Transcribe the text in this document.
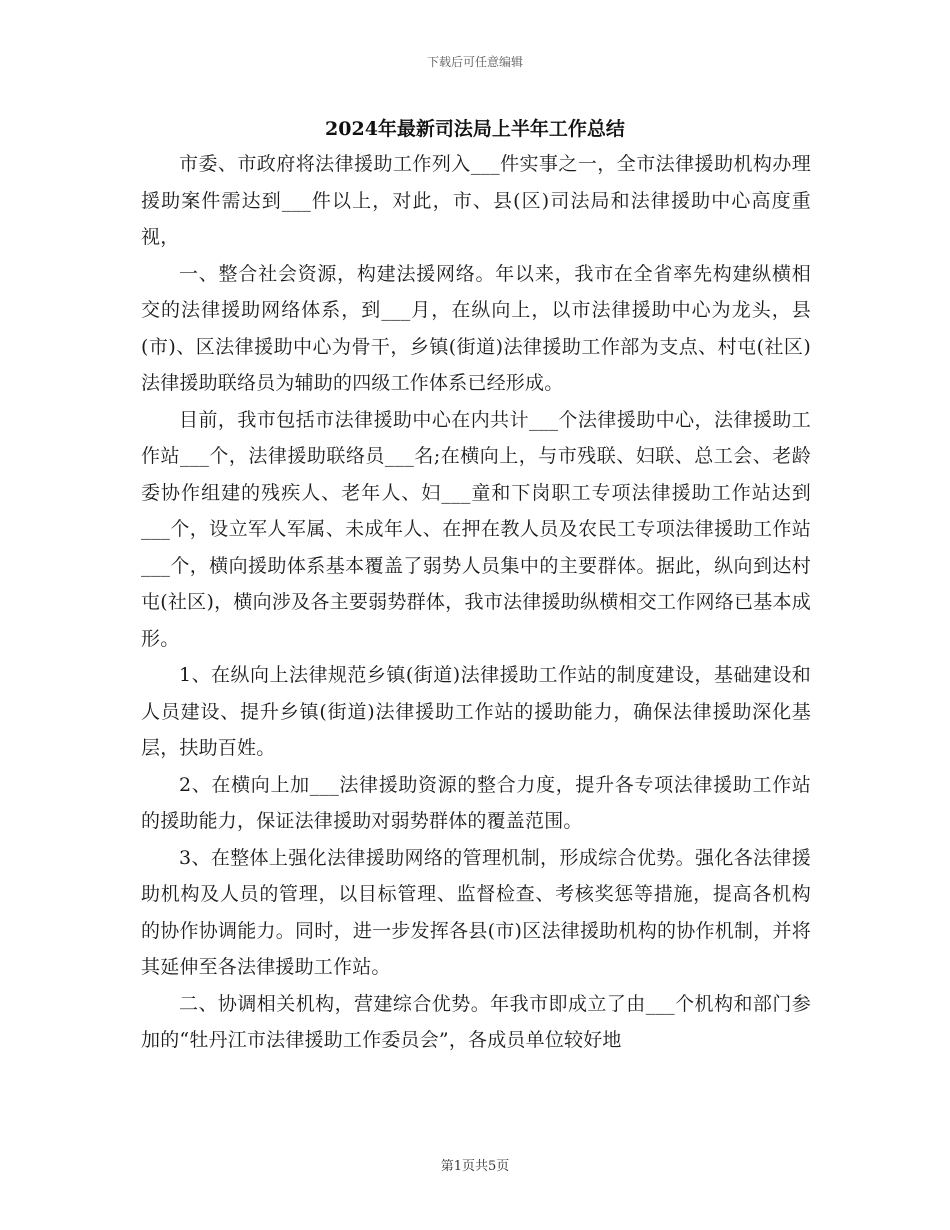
下载后可任意编辑
2024年最新司法局上半年工作总结

市委、市政府将法律援助工作列入___件实事之一，全市法律援助机构办理援助案件需达到___件以上，对此，市、县(区)司法局和法律援助中心高度重视，

一、整合社会资源，构建法援网络。年以来，我市在全省率先构建纵横相交的法律援助网络体系，到___月，在纵向上，以市法律援助中心为龙头，县(市)、区法律援助中心为骨干，乡镇(街道)法律援助工作部为支点、村屯(社区)法律援助联络员为辅助的四级工作体系已经形成。

目前，我市包括市法律援助中心在内共计___个法律援助中心，法律援助工作站___个，法律援助联络员___名;在横向上，与市残联、妇联、总工会、老龄委协作组建的残疾人、老年人、妇___童和下岗职工专项法律援助工作站达到___个，设立军人军属、未成年人、在押在教人员及农民工专项法律援助工作站___个，横向援助体系基本覆盖了弱势人员集中的主要群体。据此，纵向到达村屯(社区)，横向涉及各主要弱势群体，我市法律援助纵横相交工作网络已基本成形。

1、在纵向上法律规范乡镇(街道)法律援助工作站的制度建设，基础建设和人员建设、提升乡镇(街道)法律援助工作站的援助能力，确保法律援助深化基层，扶助百姓。

2、在横向上加___法律援助资源的整合力度，提升各专项法律援助工作站的援助能力，保证法律援助对弱势群体的覆盖范围。

3、在整体上强化法律援助网络的管理机制，形成综合优势。强化各法律援助机构及人员的管理，以目标管理、监督检查、考核奖惩等措施，提高各机构的协作协调能力。同时，进一步发挥各县(市)区法律援助机构的协作机制，并将其延伸至各法律援助工作站。

二、协调相关机构，营建综合优势。年我市即成立了由___个机构和部门参加的“牡丹江市法律援助工作委员会”，各成员单位较好地

第1页共5页
